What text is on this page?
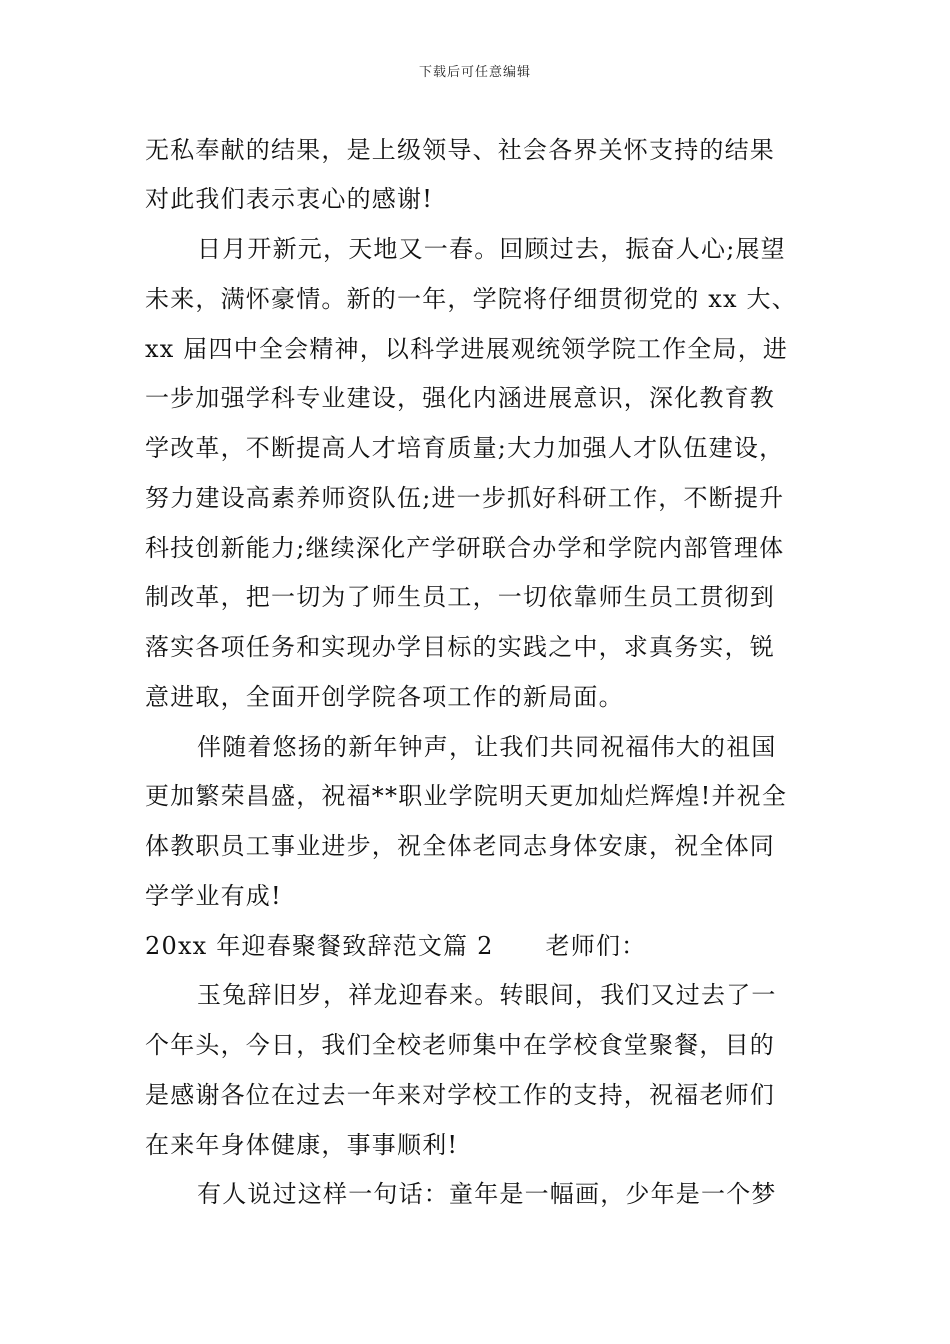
下载后可任意编辑
无私奉献的结果，是上级领导、社会各界关怀支持的结果
对此我们表示衷心的感谢!
日月开新元，天地又一春。回顾过去，振奋人心;展望
未来，满怀豪情。新的一年，学院将仔细贯彻党的 xx 大、
xx 届四中全会精神，以科学进展观统领学院工作全局，进
一步加强学科专业建设，强化内涵进展意识，深化教育教
学改革，不断提高人才培育质量;大力加强人才队伍建设，
努力建设高素养师资队伍;进一步抓好科研工作，不断提升
科技创新能力;继续深化产学研联合办学和学院内部管理体
制改革，把一切为了师生员工，一切依靠师生员工贯彻到
落实各项任务和实现办学目标的实践之中，求真务实，锐
意进取，全面开创学院各项工作的新局面。
伴随着悠扬的新年钟声，让我们共同祝福伟大的祖国
更加繁荣昌盛，祝福**职业学院明天更加灿烂辉煌!并祝全
体教职员工事业进步，祝全体老同志身体安康，祝全体同
学学业有成!
20xx 年迎春聚餐致辞范文篇 2 老师们：
玉兔辞旧岁，祥龙迎春来。转眼间，我们又过去了一
个年头，今日，我们全校老师集中在学校食堂聚餐，目的
是感谢各位在过去一年来对学校工作的支持，祝福老师们
在来年身体健康，事事顺利!
有人说过这样一句话：童年是一幅画，少年是一个梦
